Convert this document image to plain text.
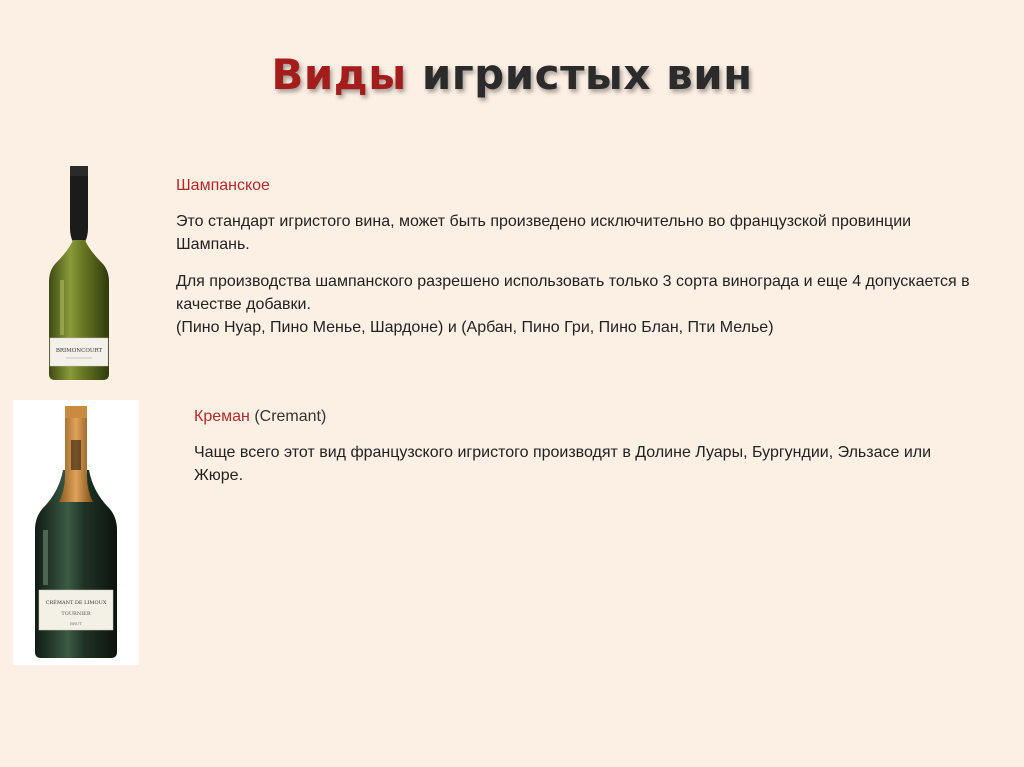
Виды игристых вин
BRIMONCOURT
Шампанское
Это стандарт игристого вина, может быть произведено исключительно во французской провинции Шампань.
Для производства шампанского разрешено использовать только 3 сорта винограда и еще 4 допускается в качестве добавки.
(Пино Нуар, Пино Менье, Шардоне) и (Арбан, Пино Гри, Пино Блан, Пти Мелье)
CRÉMANT DE LIMOUX
TOURNIER
BRUT
Креман (Cremant)
Чаще всего этот вид французского игристого производят в Долине Луары, Бургундии, Эльзасе или Жюре.
